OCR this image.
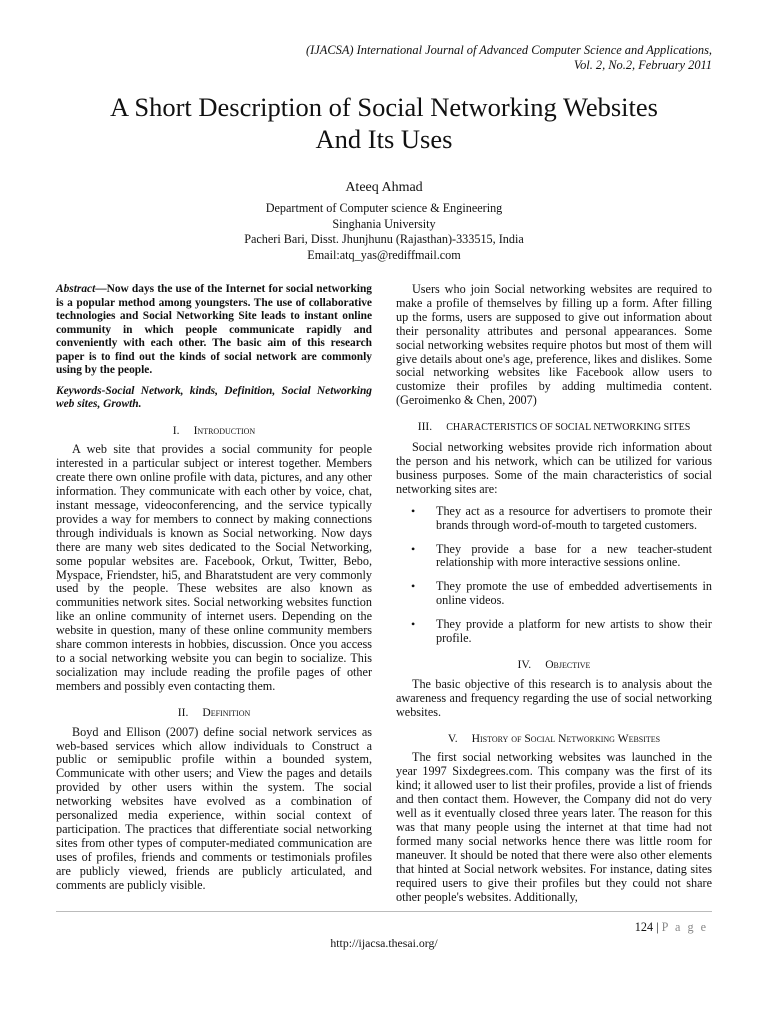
(IJACSA) International Journal of Advanced Computer Science and Applications,
Vol. 2, No.2, February 2011
A Short Description of Social Networking Websites
And Its Uses
Ateeq Ahmad
Department of Computer science & Engineering
Singhania University
Pacheri Bari, Disst. Jhunjhunu (Rajasthan)-333515, India
Email:atq_yas@rediffmail.com

Abstract—Now days the use of the Internet for social networking is a popular method among youngsters. The use of collaborative technologies and Social Networking Site leads to instant online community in which people communicate rapidly and conveniently with each other. The basic aim of this research paper is to find out the kinds of social network are commonly using by the people.

Keywords-Social Network, kinds, Definition, Social Networking web sites, Growth.

I. Introduction

A web site that provides a social community for people interested in a particular subject or interest together. Members create there own online profile with data, pictures, and any other information. They communicate with each other by voice, chat, instant message, videoconferencing, and the service typically provides a way for members to connect by making connections through individuals is known as Social networking. Now days there are many web sites dedicated to the Social Networking, some popular websites are. Facebook, Orkut, Twitter, Bebo, Myspace, Friendster, hi5, and Bharatstudent are very commonly used by the people. These websites are also known as communities network sites. Social networking websites function like an online community of internet users. Depending on the website in question, many of these online community members share common interests in hobbies, discussion. Once you access to a social networking website you can begin to socialize. This socialization may include reading the profile pages of other members and possibly even contacting them.

II. Definition

Boyd and Ellison (2007) define social network services as web-based services which allow individuals to Construct a public or semipublic profile within a bounded system, Communicate with other users; and View the pages and details provided by other users within the system. The social networking websites have evolved as a combination of personalized media experience, within social context of participation. The practices that differentiate social networking sites from other types of computer-mediated communication are uses of profiles, friends and comments or testimonials profiles are publicly viewed, friends are publicly articulated, and comments are publicly visible.

Users who join Social networking websites are required to make a profile of themselves by filling up a form. After filling up the forms, users are supposed to give out information about their personality attributes and personal appearances. Some social networking websites require photos but most of them will give details about one's age, preference, likes and dislikes. Some social networking websites like Facebook allow users to customize their profiles by adding multimedia content. (Geroimenko & Chen, 2007)

III. CHARACTERISTICS OF SOCIAL NETWORKING SITES

Social networking websites provide rich information about the person and his network, which can be utilized for various business purposes. Some of the main characteristics of social networking sites are:

• They act as a resource for advertisers to promote their brands through word-of-mouth to targeted customers.
• They provide a base for a new teacher-student relationship with more interactive sessions online.
• They promote the use of embedded advertisements in online videos.
• They provide a platform for new artists to show their profile.
IV. Objective

The basic objective of this research is to analysis about the awareness and frequency regarding the use of social networking websites.

V. History of Social Networking Websites

The first social networking websites was launched in the year 1997 Sixdegrees.com. This company was the first of its kind; it allowed user to list their profiles, provide a list of friends and then contact them. However, the Company did not do very well as it eventually closed three years later. The reason for this was that many people using the internet at that time had not formed many social networks hence there was little room for maneuver. It should be noted that there were also other elements that hinted at Social network websites. For instance, dating sites required users to give their profiles but they could not share other people's websites. Additionally,

124 | P a g e
http://ijacsa.thesai.org/
